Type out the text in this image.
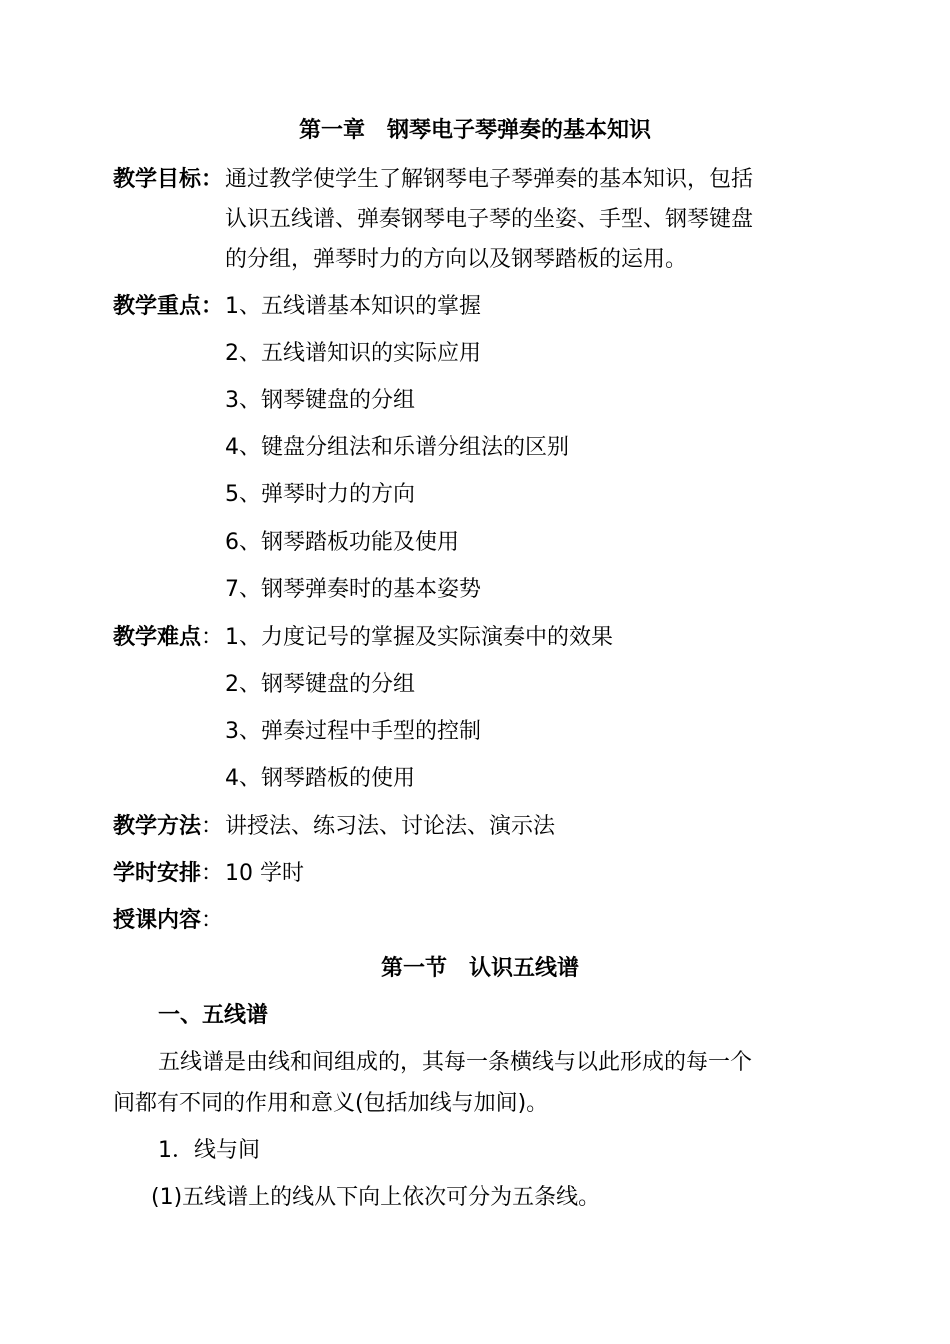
第一章　钢琴电子琴弹奏的基本知识
教学目标： 通过教学使学生了解钢琴电子琴弹奏的基本知识，包括
认识五线谱、弹奏钢琴电子琴的坐姿、手型、钢琴键盘
的分组，弹琴时力的方向以及钢琴踏板的运用。
教学重点： 1、五线谱基本知识的掌握
2、五线谱知识的实际应用
3、钢琴键盘的分组
4、键盘分组法和乐谱分组法的区别
5、弹琴时力的方向
6、钢琴踏板功能及使用
7、钢琴弹奏时的基本姿势
教学难点： 1、力度记号的掌握及实际演奏中的效果
2、钢琴键盘的分组
3、弹奏过程中手型的控制
4、钢琴踏板的使用
教学方法： 讲授法、练习法、讨论法、演示法
学时安排： 10 学时
授课内容：
第一节　认识五线谱
一、五线谱
五线谱是由线和间组成的，其每一条横线与以此形成的每一个
间都有不同的作用和意义(包括加线与加间)。
1．线与间
(1)五线谱上的线从下向上依次可分为五条线。
